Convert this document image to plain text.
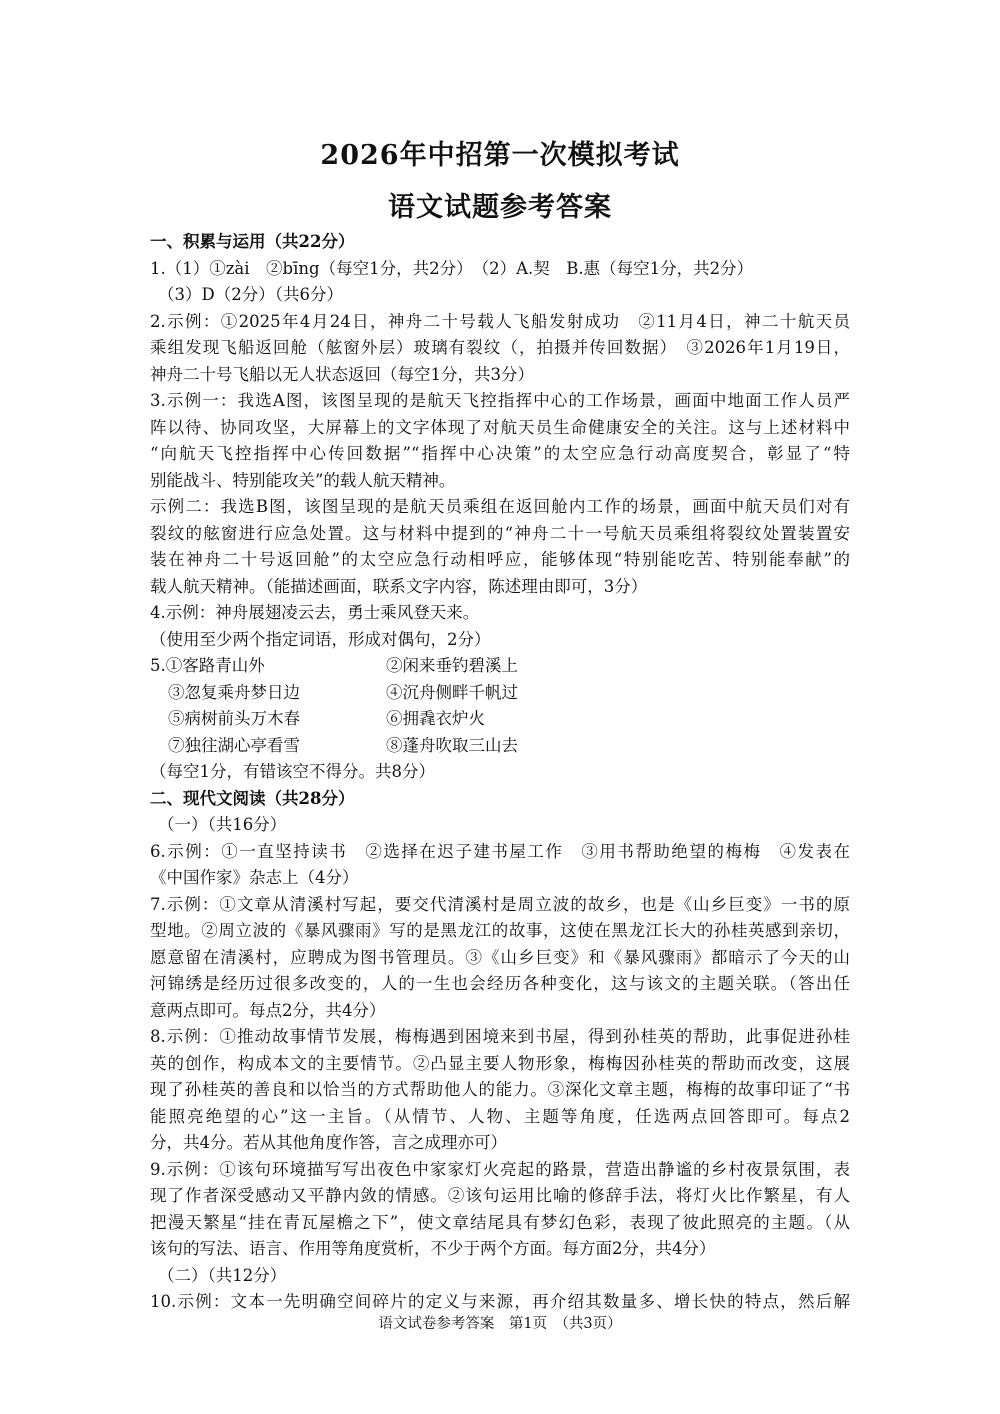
2026年中招第一次模拟考试
语文试题参考答案
一、积累与运用（共22分）
1.（1）①zài　②bīng（每空1分，共2分）　（2）A.契　B.惠（每空1分，共2分）
（3）D（2分）（共6分）
2.示例：①2025年4月24日，神舟二十号载人飞船发射成功　②11月4日，神二十航天员
乘组发现飞船返回舱（舷窗外层）玻璃有裂纹（，拍摄并传回数据）　③2026年1月19日，
神舟二十号飞船以无人状态返回（每空1分，共3分）
3.示例一：我选A图，该图呈现的是航天飞控指挥中心的工作场景，画面中地面工作人员严
阵以待、协同攻坚，大屏幕上的文字体现了对航天员生命健康安全的关注。这与上述材料中
“向航天飞控指挥中心传回数据”“指挥中心决策”的太空应急行动高度契合，彰显了“特
别能战斗、特别能攻关”的载人航天精神。
示例二：我选B图，该图呈现的是航天员乘组在返回舱内工作的场景，画面中航天员们对有
裂纹的舷窗进行应急处置。这与材料中提到的“神舟二十一号航天员乘组将裂纹处置装置安
装在神舟二十号返回舱”的太空应急行动相呼应，能够体现“特别能吃苦、特别能奉献”的
载人航天精神。（能描述画面，联系文字内容，陈述理由即可，3分）
4.示例：神舟展翅凌云去，勇士乘风登天来。
（使用至少两个指定词语，形成对偶句，2分）
5.①客路青山外	②闲来垂钓碧溪上
③忽复乘舟梦日边	④沉舟侧畔千帆过
⑤病树前头万木春	⑥拥毳衣炉火
⑦独往湖心亭看雪	⑧蓬舟吹取三山去
（每空1分，有错该空不得分。共8分）
二、现代文阅读（共28分）
（一）（共16分）
6.示例：①一直坚持读书　②选择在迟子建书屋工作　③用书帮助绝望的梅梅　④发表在
《中国作家》杂志上（4分）
7.示例：①文章从清溪村写起，要交代清溪村是周立波的故乡，也是《山乡巨变》一书的原
型地。②周立波的《暴风骤雨》写的是黑龙江的故事，这使在黑龙江长大的孙桂英感到亲切，
愿意留在清溪村，应聘成为图书管理员。③《山乡巨变》和《暴风骤雨》都暗示了今天的山
河锦绣是经历过很多改变的，人的一生也会经历各种变化，这与该文的主题关联。（答出任
意两点即可。每点2分，共4分）
8.示例：①推动故事情节发展，梅梅遇到困境来到书屋，得到孙桂英的帮助，此事促进孙桂
英的创作，构成本文的主要情节。②凸显主要人物形象，梅梅因孙桂英的帮助而改变，这展
现了孙桂英的善良和以恰当的方式帮助他人的能力。③深化文章主题，梅梅的故事印证了“书
能照亮绝望的心”这一主旨。（从情节、人物、主题等角度，任选两点回答即可。每点2
分，共4分。若从其他角度作答，言之成理亦可）
9.示例：①该句环境描写写出夜色中家家灯火亮起的路景，营造出静谧的乡村夜景氛围，表
现了作者深受感动又平静内敛的情感。②该句运用比喻的修辞手法，将灯火比作繁星，有人
把漫天繁星“挂在青瓦屋檐之下”，使文章结尾具有梦幻色彩，表现了彼此照亮的主题。（从
该句的写法、语言、作用等角度赏析，不少于两个方面。每方面2分，共4分）
（二）（共12分）
10.示例：文本一先明确空间碎片的定义与来源，再介绍其数量多、增长快的特点，然后解
语文试卷参考答案　第1页　（共3页）
